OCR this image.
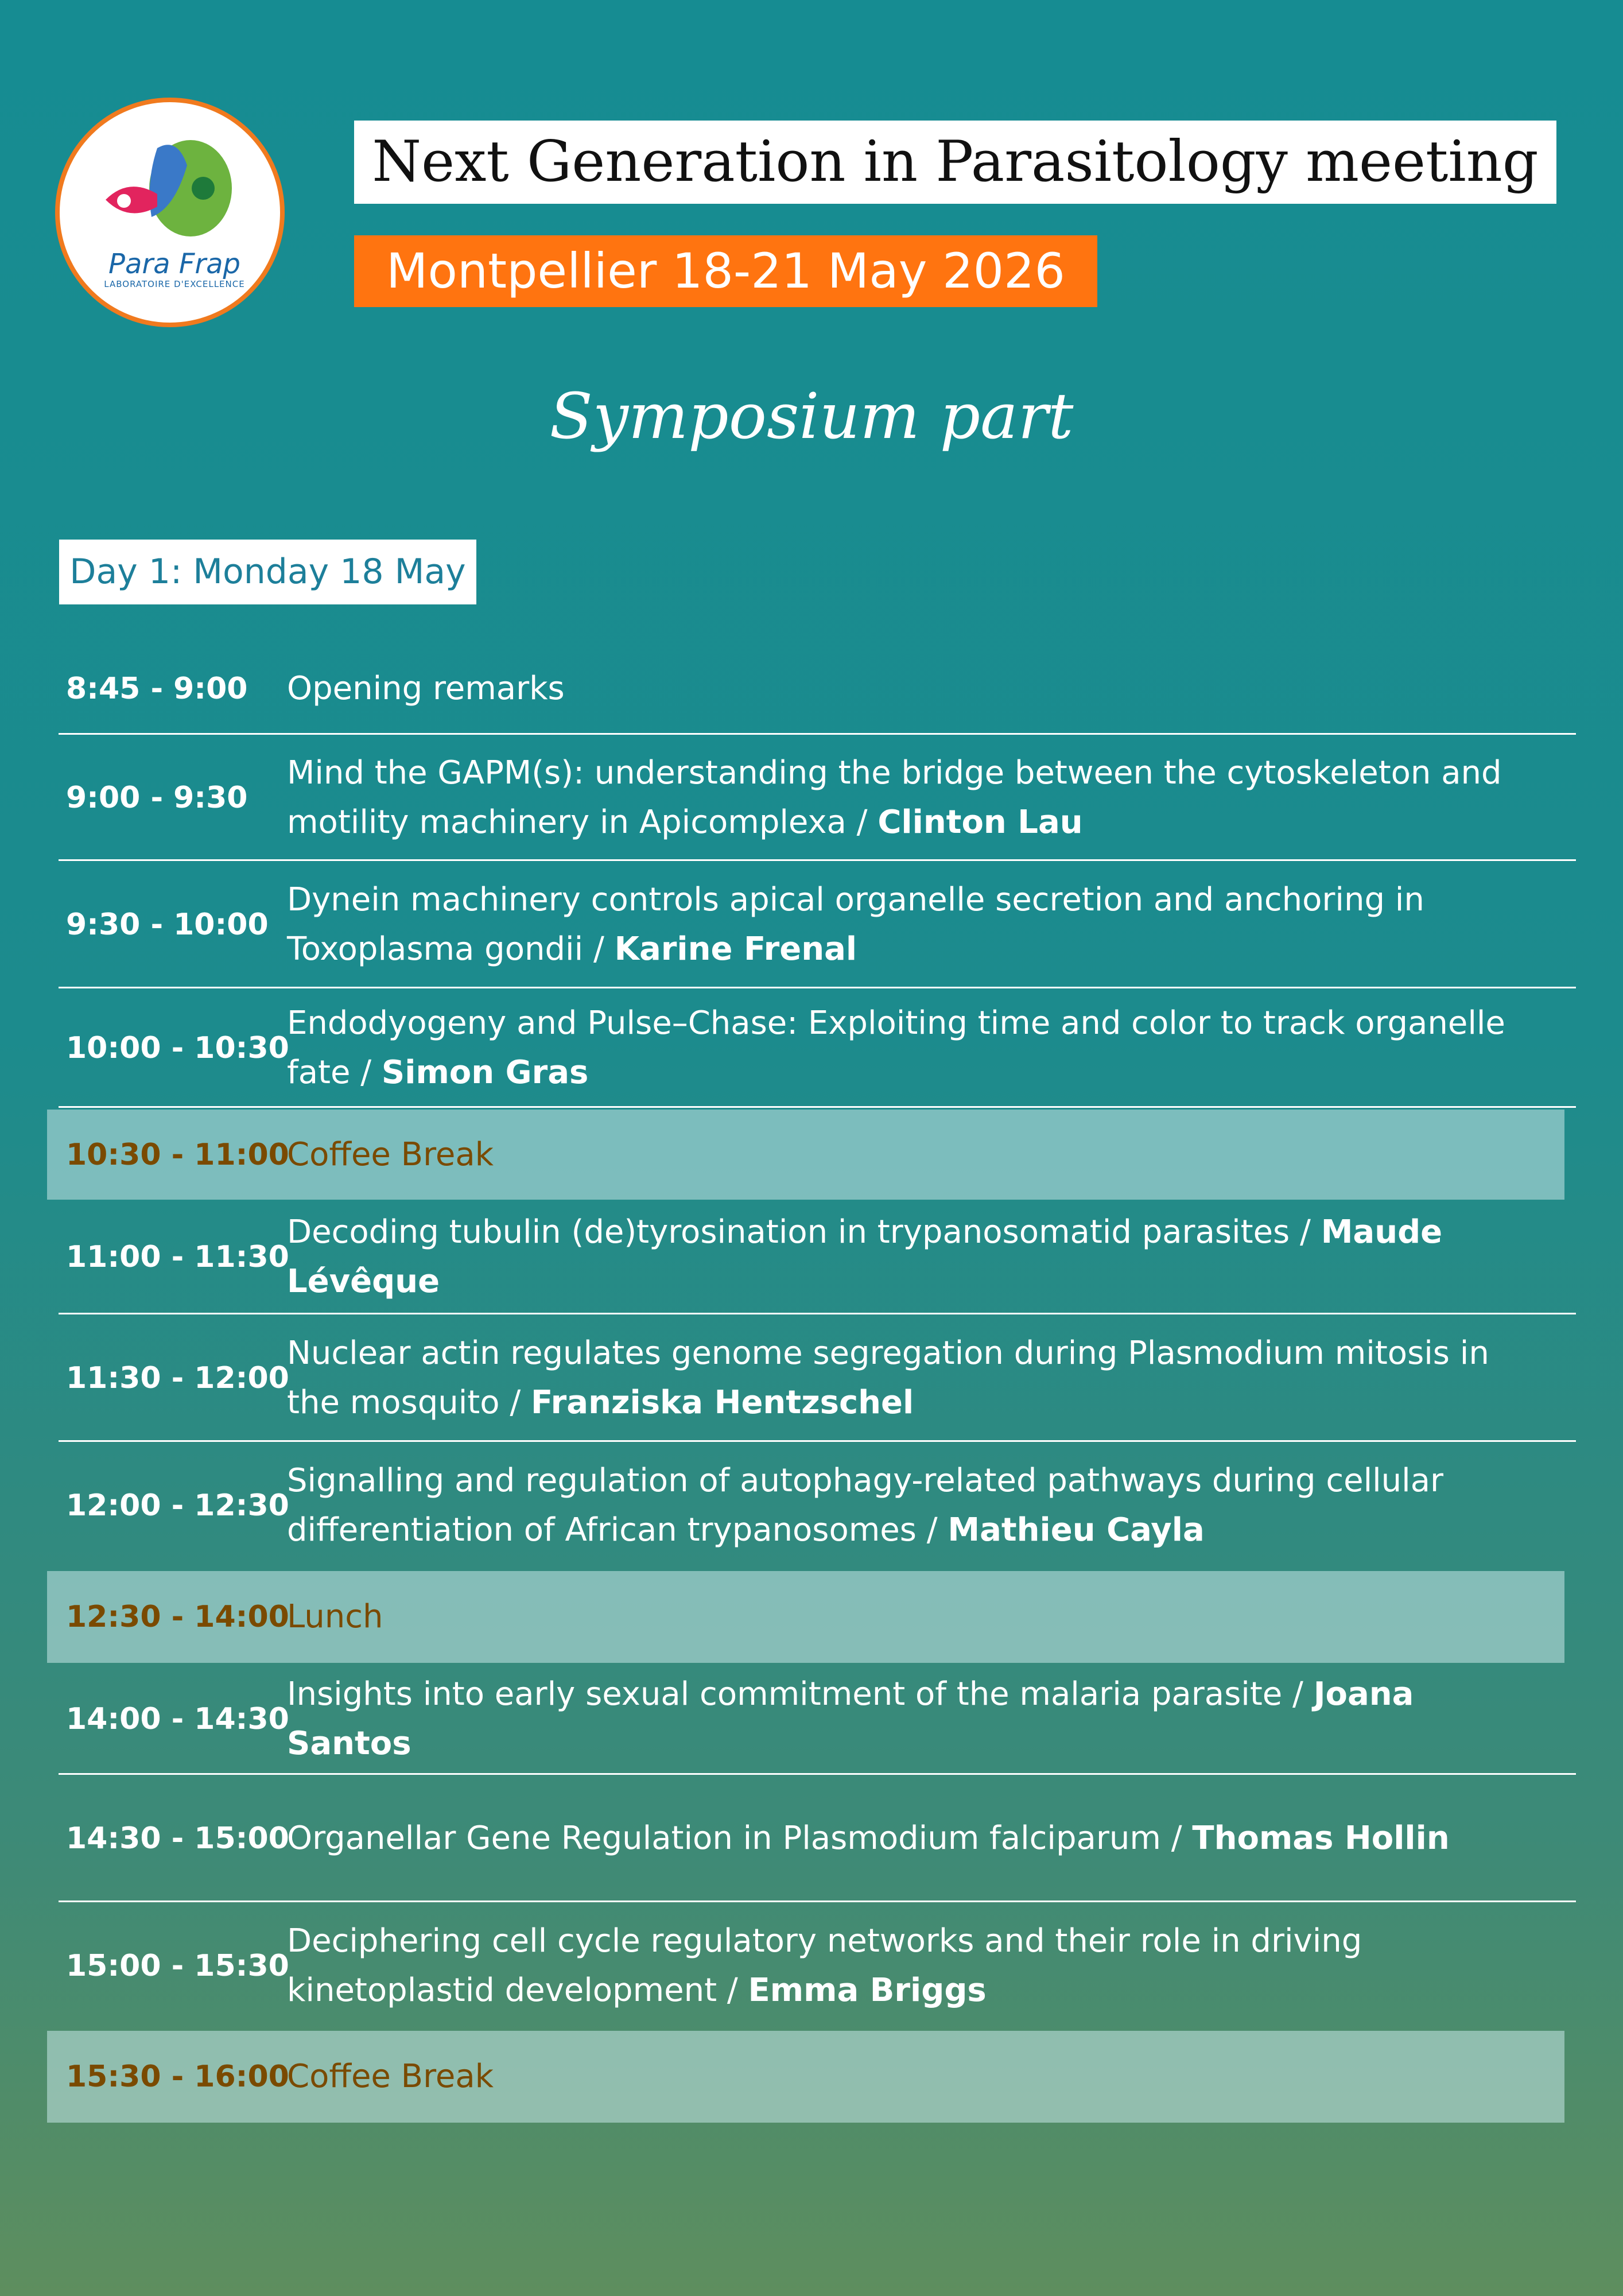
Para Frap
LABORATOIRE D'EXCELLENCE
Next Generation in Parasitology meeting
Montpellier 18-21 May 2026
Symposium part
Day 1: Monday 18 May
8:45 - 9:00	Opening remarks
9:00 - 9:30
Mind the GAPM(s): understanding the bridge between the cytoskeleton and motility machinery in Apicomplexa / Clinton Lau
9:30 - 10:00
Dynein machinery controls apical organelle secretion and anchoring in Toxoplasma gondii / Karine Frenal
10:00 - 10:30
Endodyogeny and Pulse–Chase: Exploiting time and color to track organelle fate / Simon Gras
10:30 - 11:00
Coffee Break
11:00 - 11:30
Decoding tubulin (de)tyrosination in trypanosomatid parasites / Maude Lévêque
11:30 - 12:00
Nuclear actin regulates genome segregation during Plasmodium mitosis in the mosquito / Franziska Hentzschel
12:00 - 12:30
Signalling and regulation of autophagy-related pathways during cellular differentiation of African trypanosomes / Mathieu Cayla
12:30 - 14:00
Lunch
14:00 - 14:30
Insights into early sexual commitment of the malaria parasite / Joana Santos
14:30 - 15:00
Organellar Gene Regulation in Plasmodium falciparum / Thomas Hollin
15:00 - 15:30
Deciphering cell cycle regulatory networks and their role in driving kinetoplastid development / Emma Briggs
15:30 - 16:00
Coffee Break
